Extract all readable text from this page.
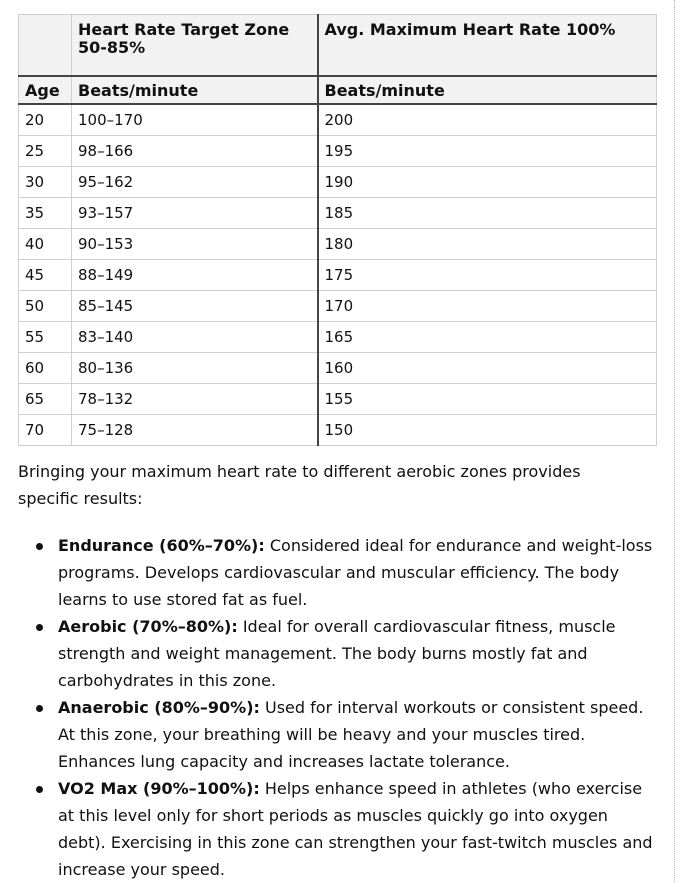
	Heart Rate Target Zone 50-85%	Avg. Maximum Heart Rate 100%
Age	Beats/minute	Beats/minute
20	100–170	200
25	98–166	195
30	95–162	190
35	93–157	185
40	90–153	180
45	88–149	175
50	85–145	170
55	83–140	165
60	80–136	160
65	78–132	155
70	75–128	150

Bringing your maximum heart rate to different aerobic zones provides specific results:

Endurance (60%–70%): Considered ideal for endurance and weight-loss programs. Develops cardiovascular and muscular efficiency. The body learns to use stored fat as fuel.
Aerobic (70%–80%): Ideal for overall cardiovascular fitness, muscle strength and weight management. The body burns mostly fat and carbohydrates in this zone.
Anaerobic (80%–90%): Used for interval workouts or consistent speed. At this zone, your breathing will be heavy and your muscles tired. Enhances lung capacity and increases lactate tolerance.
VO2 Max (90%–100%): Helps enhance speed in athletes (who exercise at this level only for short periods as muscles quickly go into oxygen debt). Exercising in this zone can strengthen your fast-twitch muscles and increase your speed.
